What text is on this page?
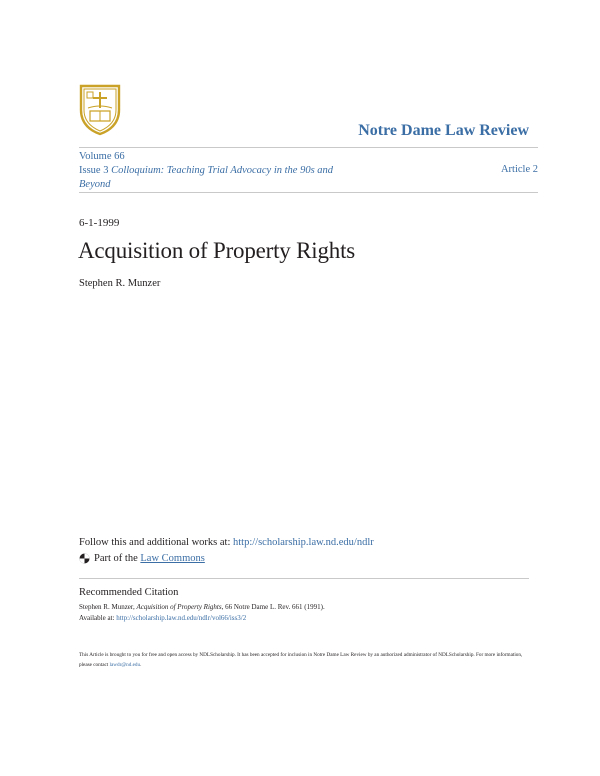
Notre Dame Law Review
Volume 66
Issue 3 Colloquium: Teaching Trial Advocacy in the 90s and Beyond
Article 2
6-1-1999
Acquisition of Property Rights
Stephen R. Munzer
Follow this and additional works at: http://scholarship.law.nd.edu/ndlr
Part of the
Law Commons
Recommended Citation
Stephen R. Munzer, Acquisition of Property Rights, 66 Notre Dame L. Rev. 661 (1991).
Available at: http://scholarship.law.nd.edu/ndlr/vol66/iss3/2
This Article is brought to you for free and open access by NDLScholarship. It has been accepted for inclusion in Notre Dame Law Review by an authorized administrator of NDLScholarship. For more information, please contact lawdr@nd.edu.
